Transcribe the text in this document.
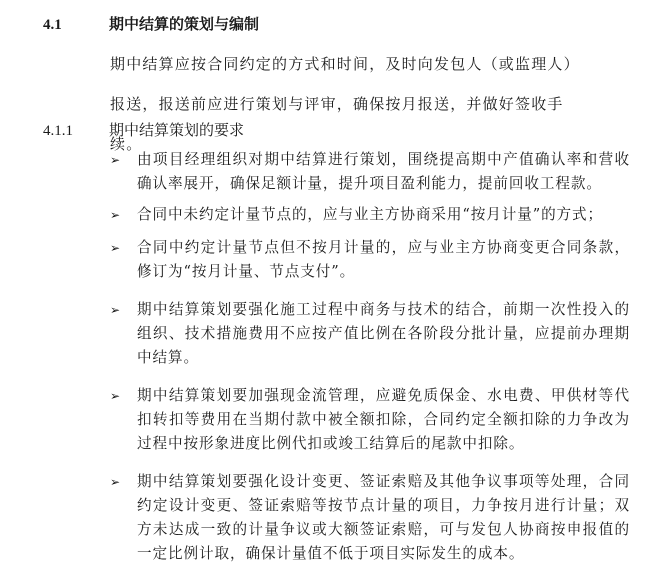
4.1	期中结算的策划与编制
期中结算应按合同约定的方式和时间，及时向发包人（或监理人）报送，报送前应进行策划与评审，确保按月报送，并做好签收手续。
4.1.1 期中结算策划的要求
➢	由项目经理组织对期中结算进行策划，围绕提高期中产值确认率和营收确认率展开，确保足额计量，提升项目盈利能力，提前回收工程款。
➢	合同中未约定计量节点的，应与业主方协商采用“按月计量”的方式；
➢	合同中约定计量节点但不按月计量的，应与业主方协商变更合同条款，修订为“按月计量、节点支付”。
➢	期中结算策划要强化施工过程中商务与技术的结合，前期一次性投入的组织、技术措施费用不应按产值比例在各阶段分批计量，应提前办理期中结算。
➢	期中结算策划要加强现金流管理，应避免质保金、水电费、甲供材等代扣转扣等费用在当期付款中被全额扣除，合同约定全额扣除的力争改为过程中按形象进度比例代扣或竣工结算后的尾款中扣除。
➢	期中结算策划要强化设计变更、签证索赔及其他争议事项等处理，合同约定设计变更、签证索赔等按节点计量的项目，力争按月进行计量；双方未达成一致的计量争议或大额签证索赔，可与发包人协商按申报值的一定比例计取，确保计量值不低于项目实际发生的成本。
